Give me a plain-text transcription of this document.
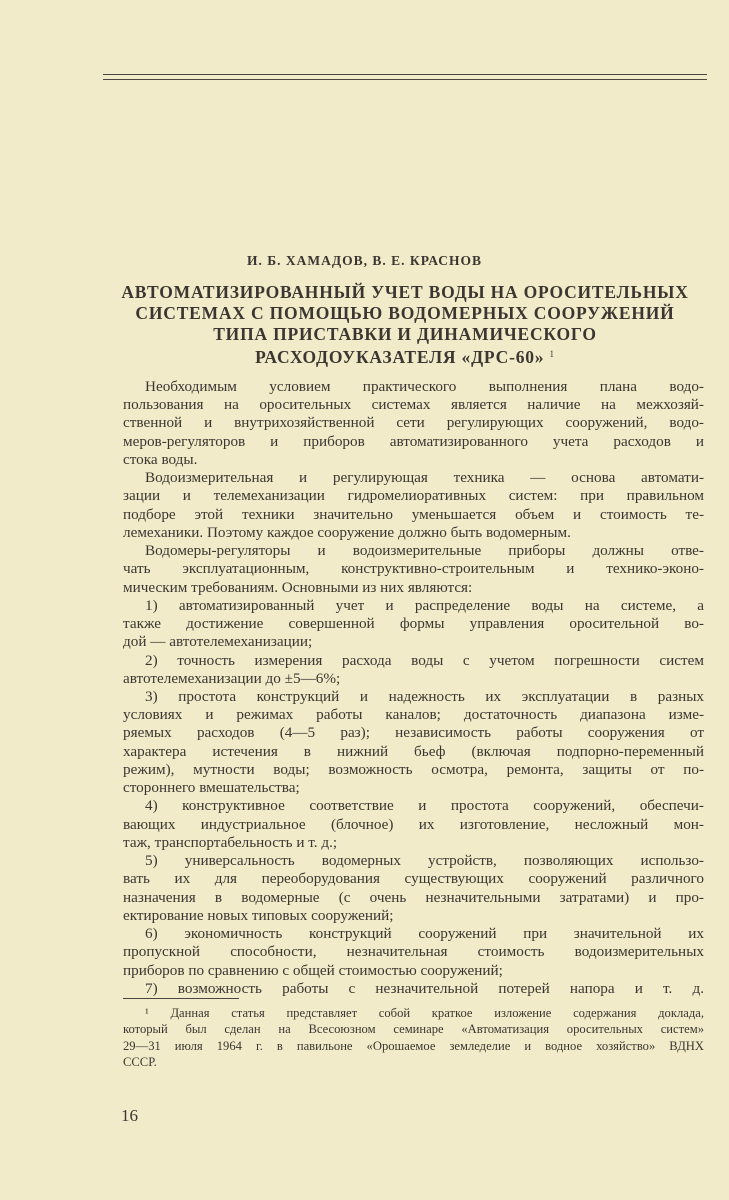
И. Б. ХАМАДОВ, В. Е. КРАСНОВ
АВТОМАТИЗИРОВАННЫЙ УЧЕТ ВОДЫ НА ОРОСИТЕЛЬНЫХ
СИСТЕМАХ С ПОМОЩЬЮ ВОДОМЕРНЫХ СООРУЖЕНИЙ
ТИПА ПРИСТАВКИ И ДИНАМИЧЕСКОГО
РАСХОДОУКАЗАТЕЛЯ «ДРС-60» $^1$
Необходимым условием практического выполнения плана водо-
пользования на оросительных системах является наличие на межхозяй-
ственной и внутрихозяйственной сети регулирующих сооружений, водо-
меров-регуляторов и приборов автоматизированного учета расходов и
стока воды.
Водоизмерительная и регулирующая техника — основа автомати-
зации и телемеханизации гидромелиоративных систем: при правильном
подборе этой техники значительно уменьшается объем и стоимость те-
лемеханики. Поэтому каждое сооружение должно быть водомерным.
Водомеры-регуляторы и водоизмерительные приборы должны отве-
чать эксплуатационным, конструктивно-строительным и технико-эконо-
мическим требованиям. Основными из них являются:
1) автоматизированный учет и распределение воды на системе, а
также достижение совершенной формы управления оросительной во-
дой — автотелемеханизации;
2) точность измерения расхода воды с учетом погрешности систем
автотелемеханизации до ±5—6%;
3) простота конструкций и надежность их эксплуатации в разных
условиях и режимах работы каналов; достаточность диапазона изме-
ряемых расходов (4—5 раз); независимость работы сооружения от
характера истечения в нижний бьеф (включая подпорно-переменный
режим), мутности воды; возможность осмотра, ремонта, защиты от по-
стороннего вмешательства;
4) конструктивное соответствие и простота сооружений, обеспечи-
вающих индустриальное (блочное) их изготовление, несложный мон-
таж, транспортабельность и т. д.;
5) универсальность водомерных устройств, позволяющих использо-
вать их для переоборудования существующих сооружений различного
назначения в водомерные (с очень незначительными затратами) и про-
ектирование новых типовых сооружений;
6) экономичность конструкций сооружений при значительной их
пропускной способности, незначительная стоимость водоизмерительных
приборов по сравнению с общей стоимостью сооружений;
7) возможность работы с незначительной потерей напора и т. д.
¹ Данная статья представляет собой краткое изложение содержания доклада,
который был сделан на Всесоюзном семинаре «Автоматизация оросительных систем»
29—31 июля 1964 г. в павильоне «Орошаемое земледелие и водное хозяйство» ВДНХ
СССР.
16
